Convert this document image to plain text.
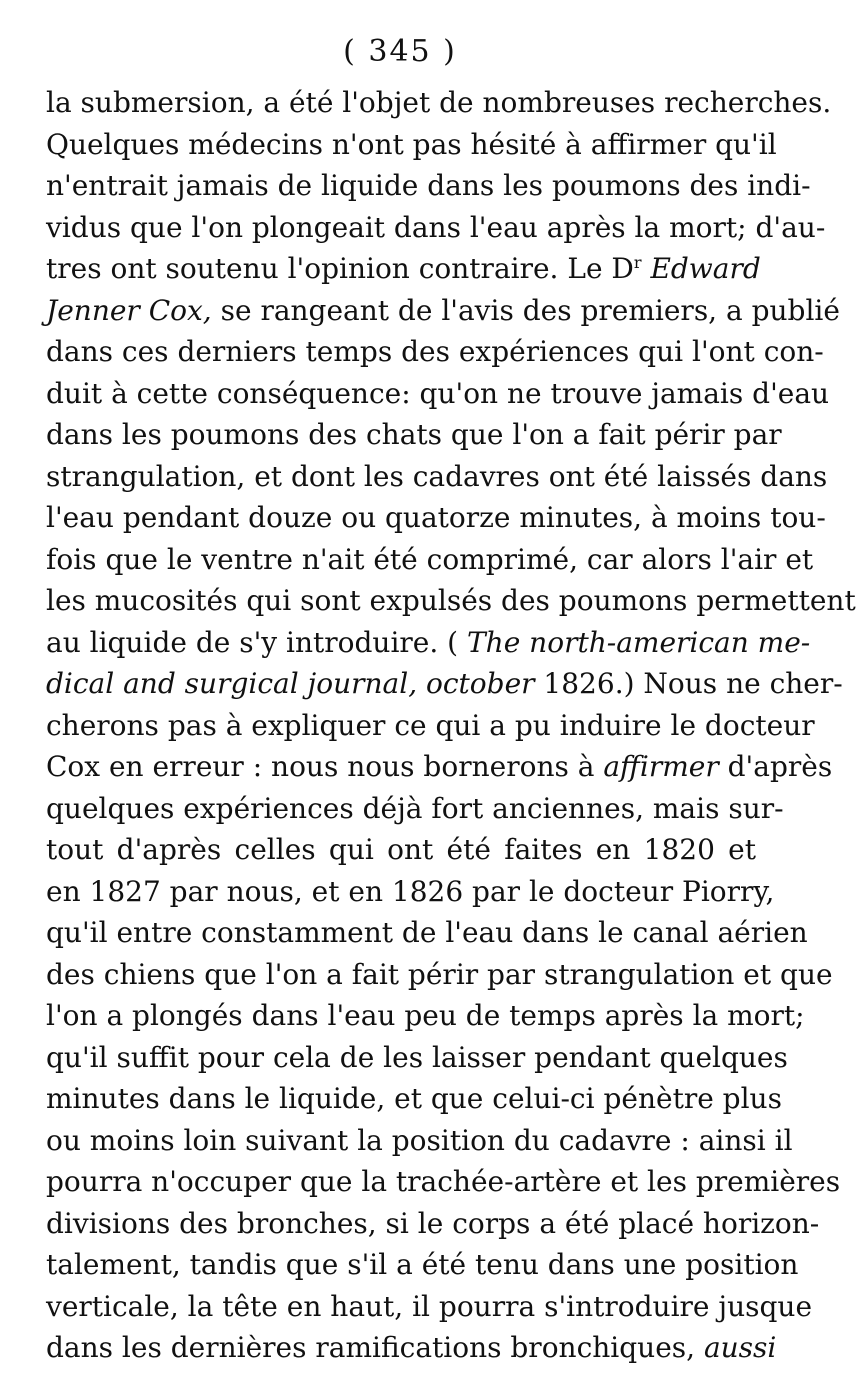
( 345 )
la submersion, a été l'objet de nombreuses recherches.
Quelques médecins n'ont pas hésité à affirmer qu'il
n'entrait jamais de liquide dans les poumons des indi-
vidus que l'on plongeait dans l'eau après la mort; d'au-
tres ont soutenu l'opinion contraire. Le $D^r$ Edward
Jenner Cox, se rangeant de l'avis des premiers, a publié
dans ces derniers temps des expériences qui l'ont con-
duit à cette conséquence: qu'on ne trouve jamais d'eau
dans les poumons des chats que l'on a fait périr par
strangulation, et dont les cadavres ont été laissés dans
l'eau pendant douze ou quatorze minutes, à moins tou-
fois que le ventre n'ait été comprimé, car alors l'air et
les mucosités qui sont expulsés des poumons permettent
au liquide de s'y introduire. ( The north-american me-
dical and surgical journal, october 1826.) Nous ne cher-
cherons pas à expliquer ce qui a pu induire le docteur
Cox en erreur : nous nous bornerons à affirmer d'après
quelques expériences déjà fort anciennes, mais sur-
tout d'après celles qui ont été faites en 1820 et
en 1827 par nous, et en 1826 par le docteur Piorry,
qu'il entre constamment de l'eau dans le canal aérien
des chiens que l'on a fait périr par strangulation et que
l'on a plongés dans l'eau peu de temps après la mort;
qu'il suffit pour cela de les laisser pendant quelques
minutes dans le liquide, et que celui-ci pénètre plus
ou moins loin suivant la position du cadavre : ainsi il
pourra n'occuper que la trachée-artère et les premières
divisions des bronches, si le corps a été placé horizon-
talement, tandis que s'il a été tenu dans une position
verticale, la tête en haut, il pourra s'introduire jusque
dans les dernières ramifications bronchiques, aussi
